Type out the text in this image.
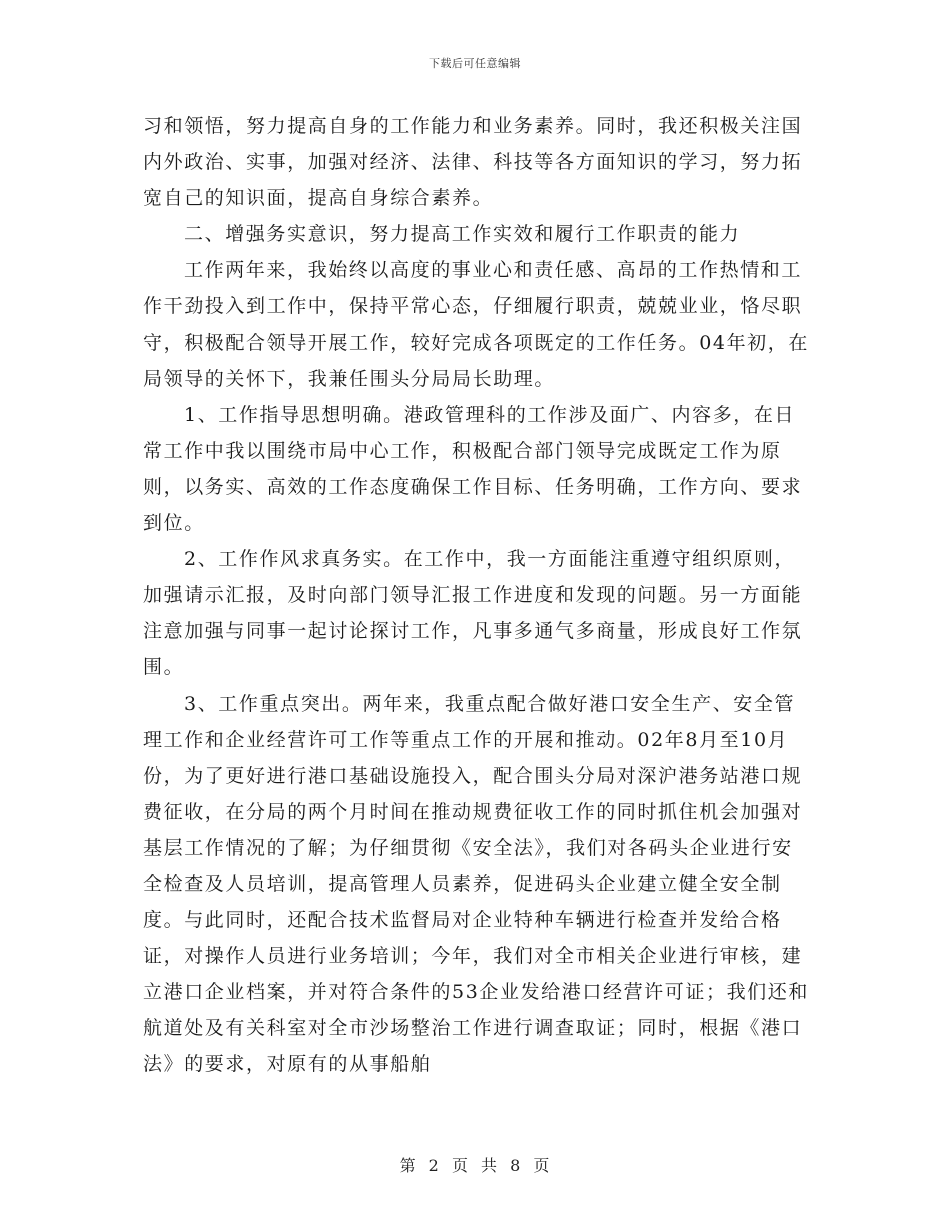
下载后可任意编辑

习和领悟，努力提高自身的工作能力和业务素养。同时，我还积极关注国内外政治、实事，加强对经济、法律、科技等各方面知识的学习，努力拓宽自己的知识面，提高自身综合素养。

二、增强务实意识，努力提高工作实效和履行工作职责的能力

工作两年来，我始终以高度的事业心和责任感、高昂的工作热情和工作干劲投入到工作中，保持平常心态，仔细履行职责，兢兢业业，恪尽职守，积极配合领导开展工作，较好完成各项既定的工作任务。04年初，在局领导的关怀下，我兼任围头分局局长助理。

1、工作指导思想明确。港政管理科的工作涉及面广、内容多，在日常工作中我以围绕市局中心工作，积极配合部门领导完成既定工作为原则，以务实、高效的工作态度确保工作目标、任务明确，工作方向、要求到位。

2、工作作风求真务实。在工作中，我一方面能注重遵守组织原则，加强请示汇报，及时向部门领导汇报工作进度和发现的问题。另一方面能注意加强与同事一起讨论探讨工作，凡事多通气多商量，形成良好工作氛围。

3、工作重点突出。两年来，我重点配合做好港口安全生产、安全管理工作和企业经营许可工作等重点工作的开展和推动。02年8月至10月份，为了更好进行港口基础设施投入，配合围头分局对深沪港务站港口规费征收，在分局的两个月时间在推动规费征收工作的同时抓住机会加强对基层工作情况的了解；为仔细贯彻《安全法》，我们对各码头企业进行安全检查及人员培训，提高管理人员素养，促进码头企业建立健全安全制度。与此同时，还配合技术监督局对企业特种车辆进行检查并发给合格证，对操作人员进行业务培训；今年，我们对全市相关企业进行审核，建立港口企业档案，并对符合条件的53企业发给港口经营许可证；我们还和航道处及有关科室对全市沙场整治工作进行调查取证；同时，根据《港口法》的要求，对原有的从事船舶

第 2 页 共 8 页
